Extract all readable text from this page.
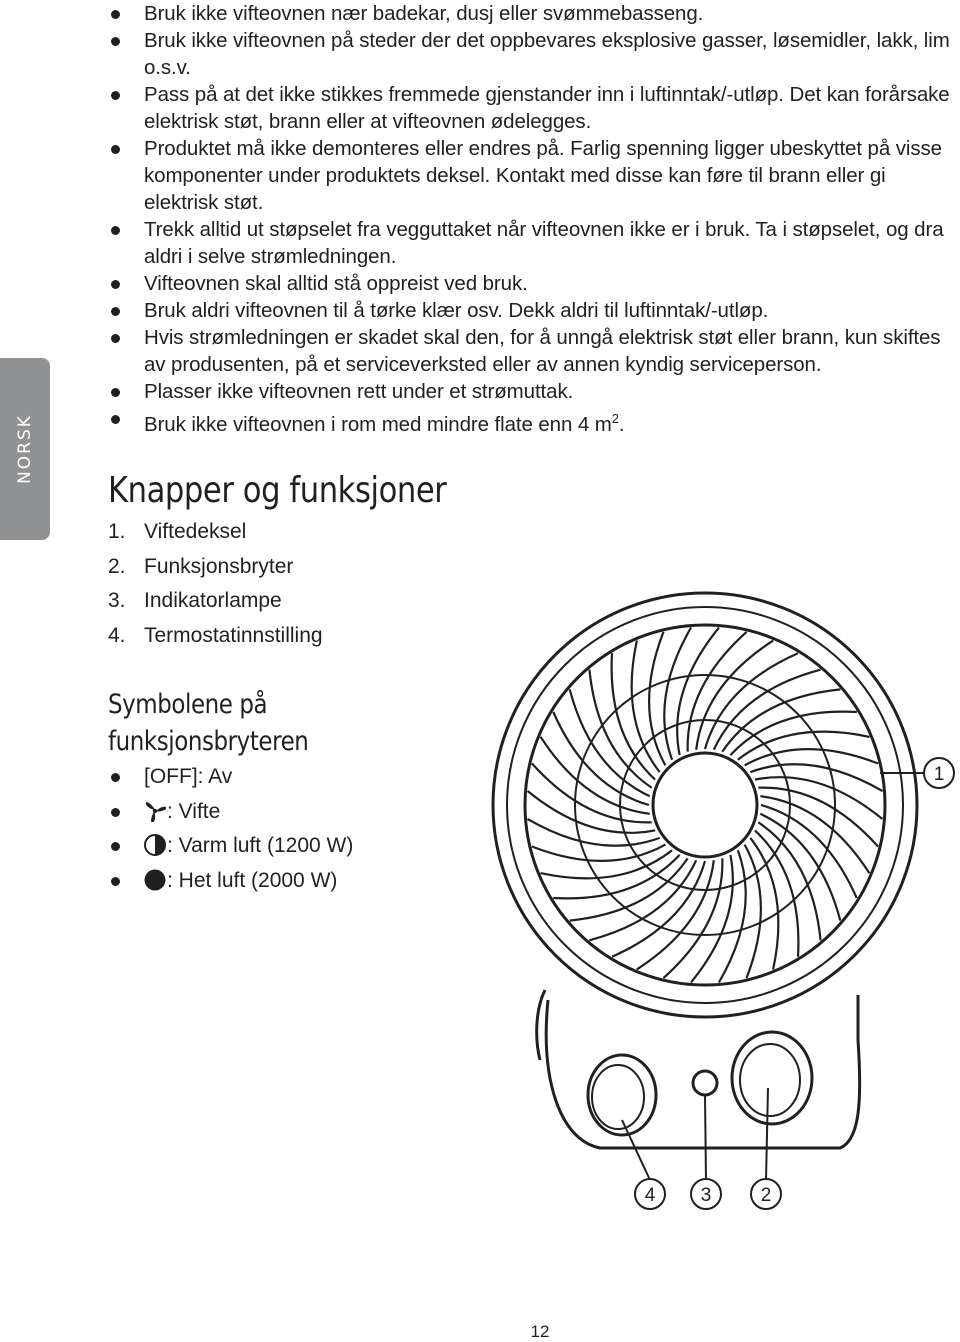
NORSK
Bruk ikke vifteovnen nær badekar, dusj eller svømmebasseng.
Bruk ikke vifteovnen på steder der det oppbevares eksplosive gasser, løsemidler, lakk, lim o.s.v.
Pass på at det ikke stikkes fremmede gjenstander inn i luftinntak/-utløp. Det kan forårsake elektrisk støt, brann eller at vifteovnen ødelegges.
Produktet må ikke demonteres eller endres på. Farlig spenning ligger ubeskyttet på visse komponenter under produktets deksel. Kontakt med disse kan føre til brann eller gi elektrisk støt.
Trekk alltid ut støpselet fra vegguttaket når vifteovnen ikke er i bruk. Ta i støpselet, og dra aldri i selve strømledningen.
Vifteovnen skal alltid stå oppreist ved bruk.
Bruk aldri vifteovnen til å tørke klær osv. Dekk aldri til luftinntak/-utløp.
Hvis strømledningen er skadet skal den, for å unngå elektrisk støt eller brann, kun skiftes av produsenten, på et serviceverksted eller av annen kyndig serviceperson.
Plasser ikke vifteovnen rett under et strømuttak.
Bruk ikke vifteovnen i rom med mindre flate enn 4 $m^2$.
Knapper og funksjoner
1. Viftedeksel
2. Funksjonsbryter
3. Indikatorlampe
4. Termostatinnstilling
Symbolene på
funksjonsbryteren
[OFF]: Av
: Vifte
: Varm luft (1200 W)
: Het luft (2000 W)
1
4 3	2
12
